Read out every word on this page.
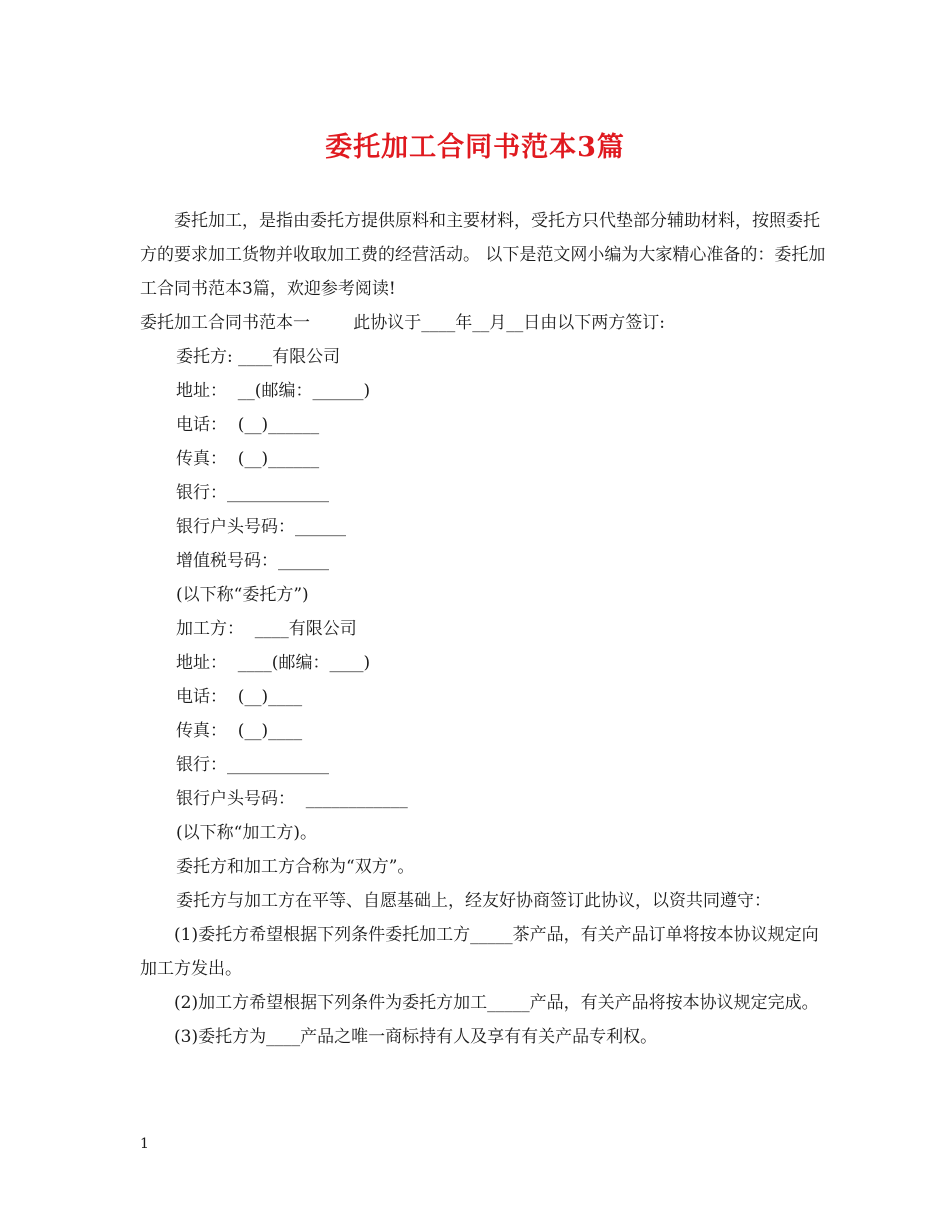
委托加工合同书范本3篇

委托加工，是指由委托方提供原料和主要材料，受托方只代垫部分辅助材料，按照委托方的要求加工货物并收取加工费的经营活动。 以下是范文网小编为大家精心准备的：委托加工合同书范本3篇，欢迎参考阅读!

委托加工合同书范本一        此协议于____年__月__日由以下两方签订:

委托方: ____有限公司

地址：  __(邮编：______)

电话：  (__)______

传真：  (__)______

银行：____________

银行户头号码：______

增值税号码：______

(以下称“委托方”)

加工方：  ____有限公司

地址：  ____(邮编：____)

电话：  (__)____

传真：  (__)____

银行：____________

银行户头号码：  ____________

(以下称“加工方)。

委托方和加工方合称为“双方”。

委托方与加工方在平等、自愿基础上，经友好协商签订此协议，以资共同遵守：

(1)委托方希望根据下列条件委托加工方_____茶产品，有关产品订单将按本协议规定向加工方发出。

(2)加工方希望根据下列条件为委托方加工_____产品，有关产品将按本协议规定完成。

(3)委托方为____产品之唯一商标持有人及享有有关产品专利权。

1
